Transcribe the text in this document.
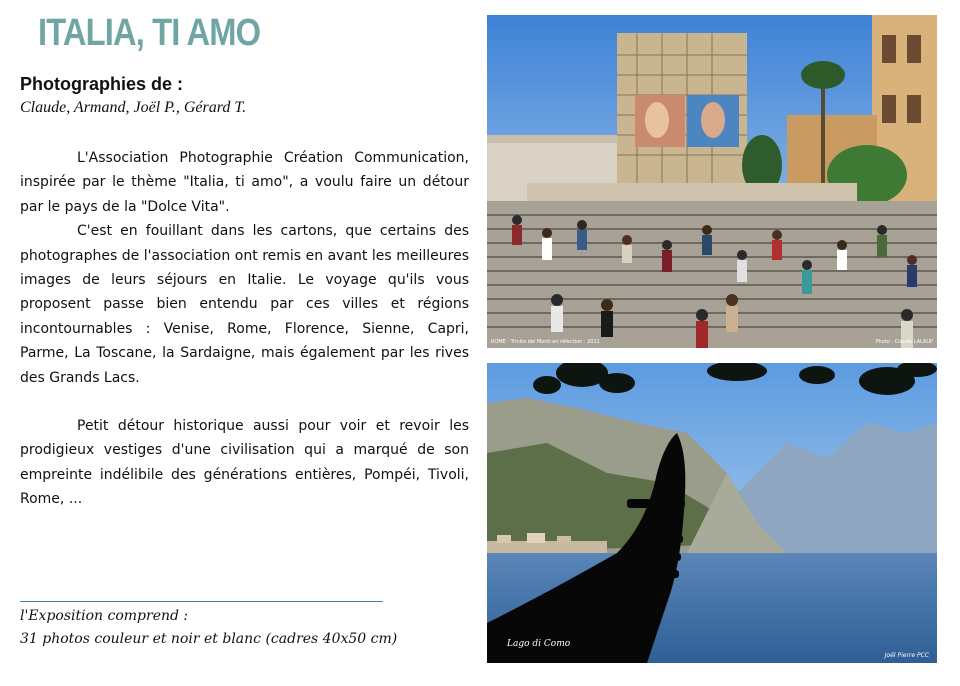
ITALIA, TI AMO
Photographies de :
Claude, Armand, Joël P., Gérard T.

L'Association Photographie Création Communication, inspirée par le thème "Italia, ti amo", a voulu faire un détour par le pays de la "Dolce Vita".

C'est en fouillant dans les cartons, que certains des photographes de l'association ont remis en avant les meilleures images de leurs séjours en Italie. Le voyage qu'ils vous proposent passe bien entendu par ces villes et régions incontournables : Venise, Rome, Florence, Sienne, Capri, Parme, La Toscane, la Sardaigne, mais également par les rives des Grands Lacs.

Petit détour historique aussi pour voir et revoir les prodigieux vestiges d'une civilisation qui a marqué de son empreinte indélibile des générations entières, Pompéi, Tivoli, Rome, ...

l'Exposition comprend :
31 photos couleur et noir et blanc (cadres 40x50 cm)
ROME · Trinita dei Monti en réfection · 2011	Photo : Claude LALAUP
Lago di Como
Joël Pierre PCC
